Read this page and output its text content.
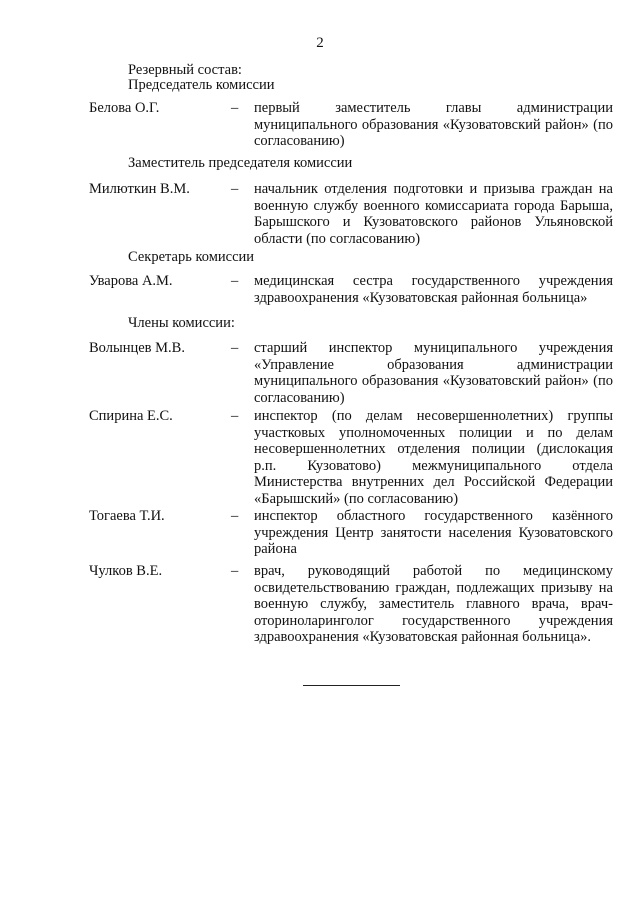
2
Резервный состав:
Председатель комиссии
Белова О.Г.	– первый заместитель главы администрации муниципального образования «Кузоватовский район» (по согласованию)
Заместитель председателя комиссии
Милюткин В.М.	– начальник отделения подготовки и призыва граждан на военную службу военного комиссариата города Барыша, Барышского и Кузоватовского районов Ульяновской области (по согласованию)
Секретарь комиссии
Уварова А.М.	– медицинская сестра государственного учреждения здравоохранения «Кузоватовская районная больница»
Члены комиссии:
Волынцев М.В.	– старший инспектор муниципального учреждения «Управление образования администрации муниципального образования «Кузоватовский район» (по согласованию)
Спирина Е.С.	– инспектор (по делам несовершеннолетних) группы участковых уполномоченных полиции и по делам несовершеннолетних отделения полиции (дислокация р.п. Кузоватово) межмуниципального отдела Министерства внутренних дел Российской Федерации «Барышский» (по согласованию)
Тогаева Т.И.	– инспектор областного государственного казённого учреждения Центр занятости населения Кузоватовского района
Чулков В.Е.	– врач, руководящий работой по медицинскому освидетельствованию граждан, подлежащих призыву на военную службу, заместитель главного врача, врач-оториноларинголог государственного учреждения здравоохранения «Кузоватовская районная больница».
